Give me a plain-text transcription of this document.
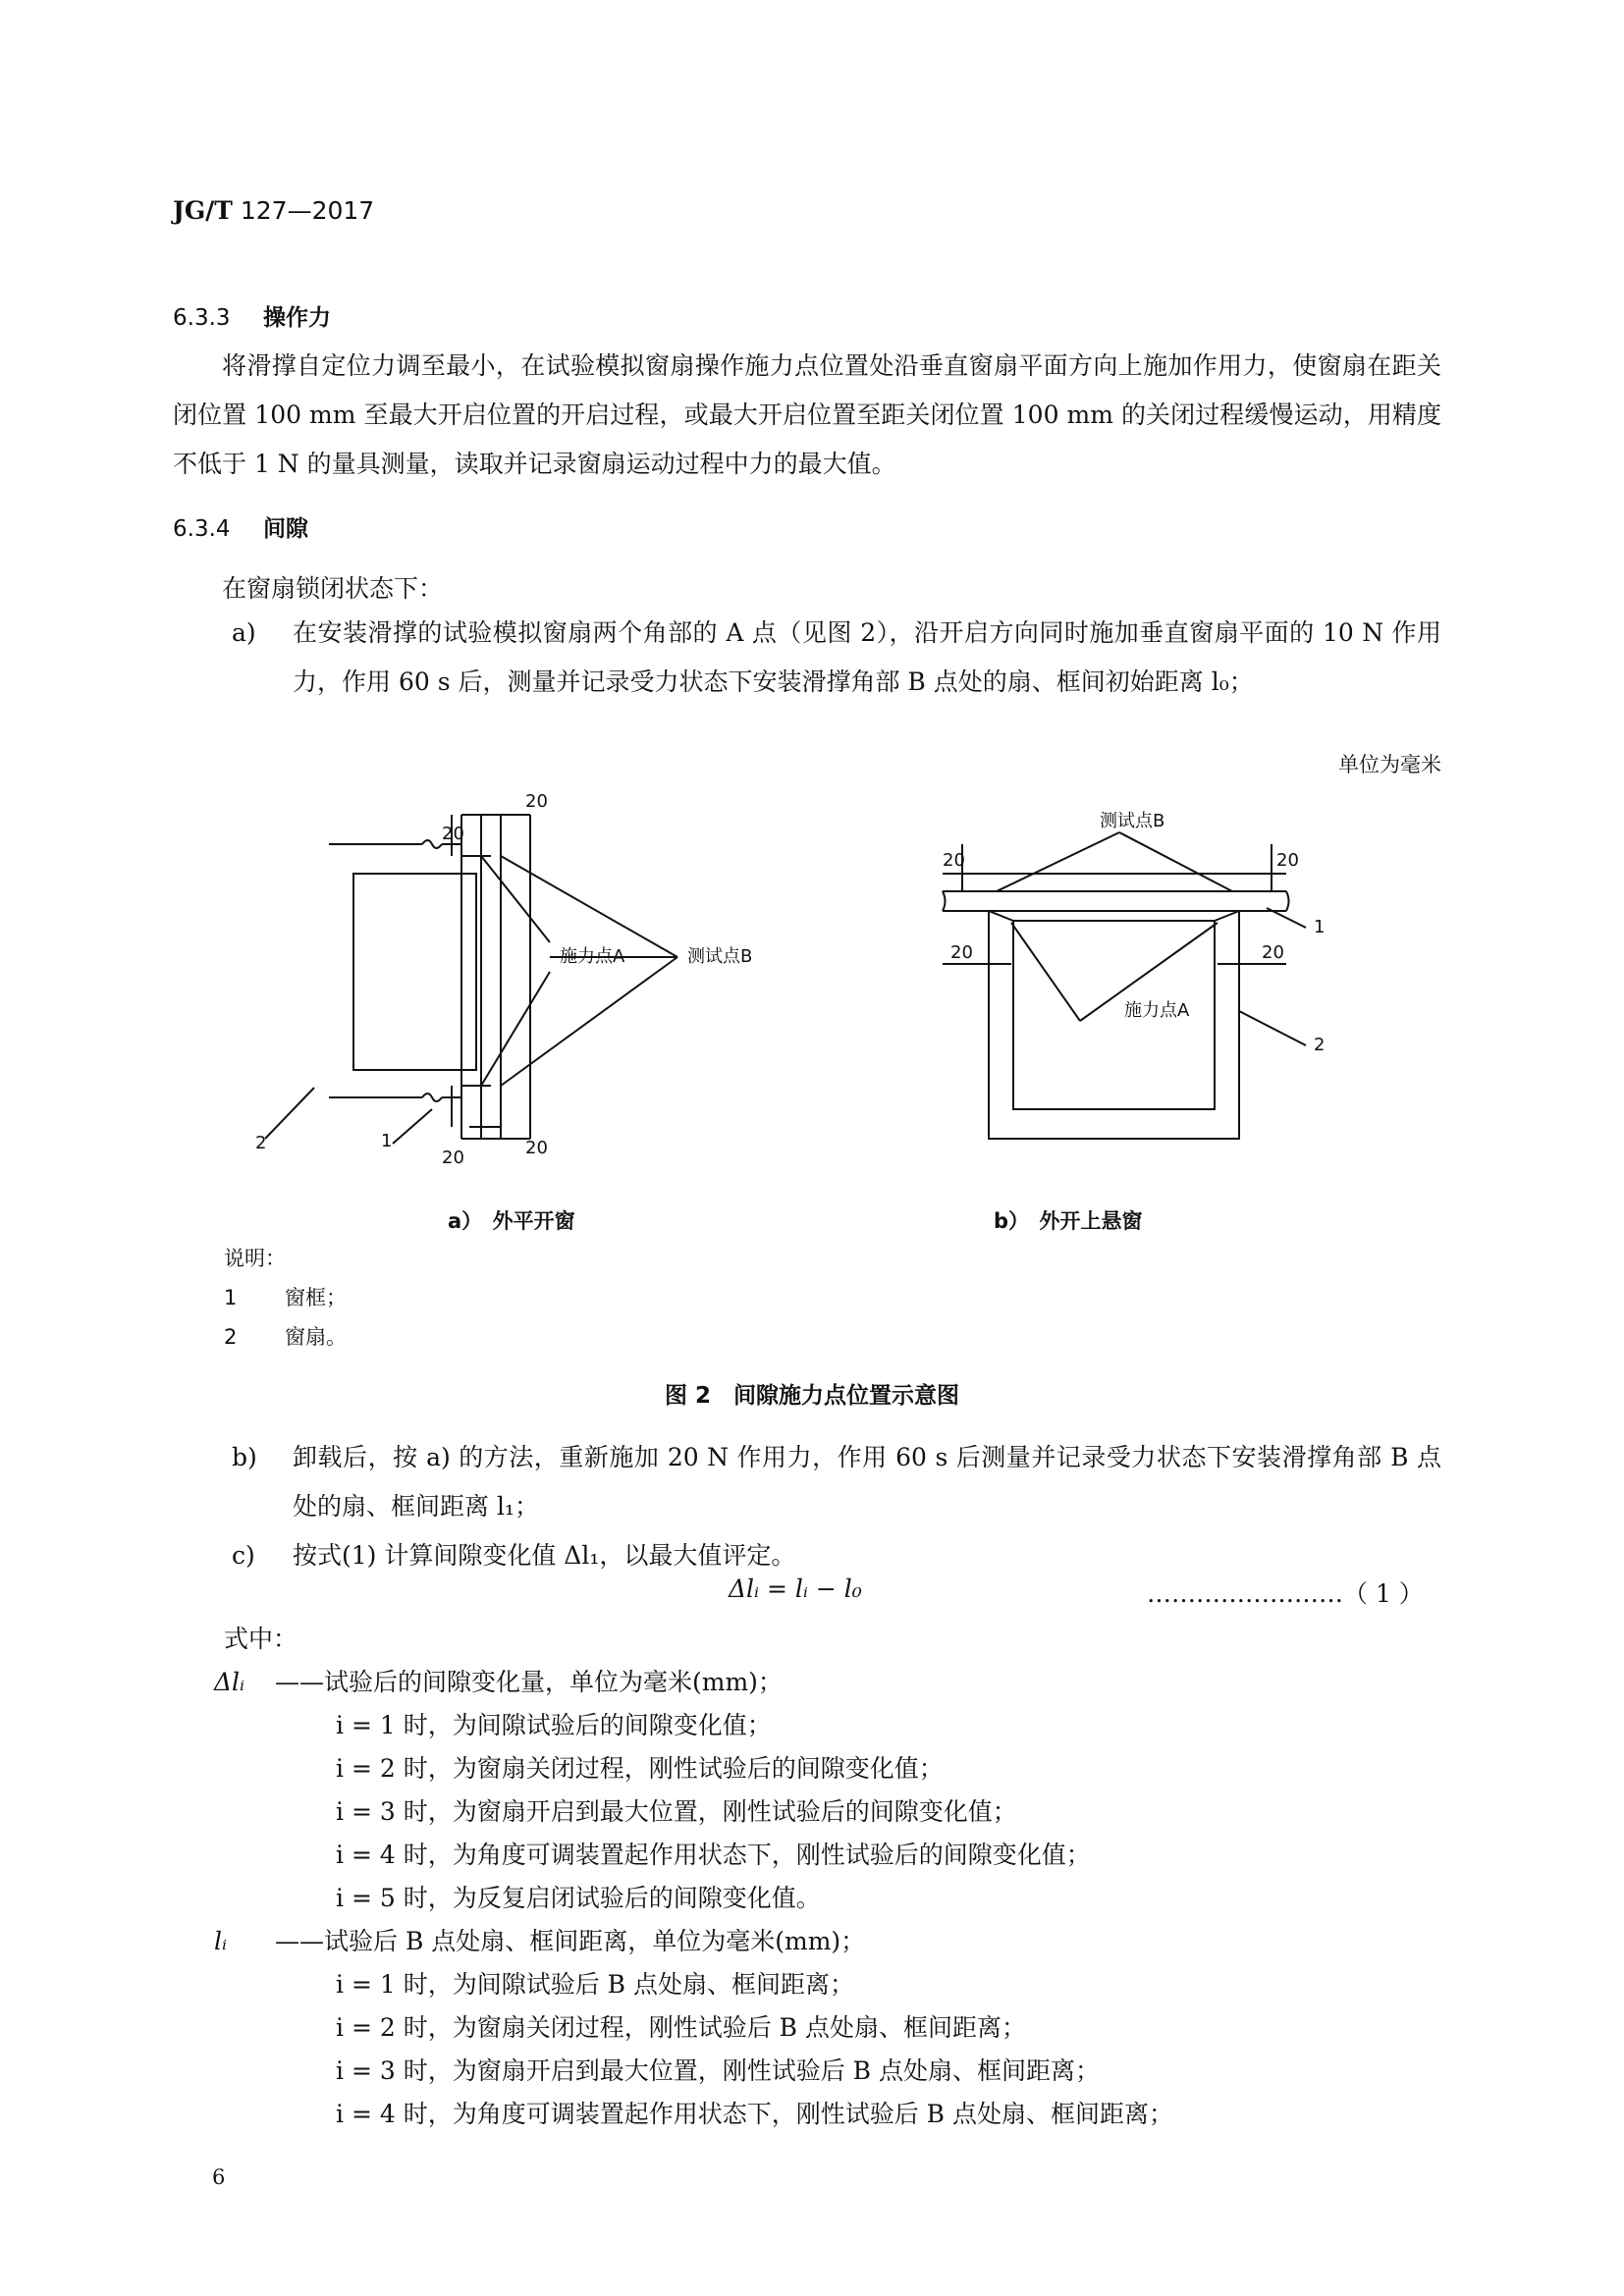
JG/T 127—2017
6.3.3 操作力
将滑撑自定位力调至最小，在试验模拟窗扇操作施力点位置处沿垂直窗扇平面方向上施加作用力，使窗扇在距关闭位置 100 mm 至最大开启位置的开启过程，或最大开启位置至距关闭位置 100 mm 的关闭过程缓慢运动，用精度不低于 1 N 的量具测量，读取并记录窗扇运动过程中力的最大值。
6.3.4 间隙
在窗扇锁闭状态下：
a) 在安装滑撑的试验模拟窗扇两个角部的 A 点（见图 2），沿开启方向同时施加垂直窗扇平面的 10 N 作用力，作用 60 s 后，测量并记录受力状态下安装滑撑角部 B 点处的扇、框间初始距离 l₀；
单位为毫米
20
20
20	20
施力点A	测试点B
2	1
20	20
20	20
测试点B
施力点A
1
2
a）　外平开窗	b）　外开上悬窗
说明：
1 窗框；
2 窗扇。
图 2　间隙施力点位置示意图
b) 卸载后，按 a) 的方法，重新施加 20 N 作用力，作用 60 s 后测量并记录受力状态下安装滑撑角部 B 点处的扇、框间距离 l₁；
c) 按式(1) 计算间隙变化值 Δl₁，以最大值评定。
Δlᵢ = lᵢ − l₀	……………………（ 1 ）
式中：
Δlᵢ ——试验后的间隙变化量，单位为毫米(mm)；
i = 1 时，为间隙试验后的间隙变化值；
i = 2 时，为窗扇关闭过程，刚性试验后的间隙变化值；
i = 3 时，为窗扇开启到最大位置，刚性试验后的间隙变化值；
i = 4 时，为角度可调装置起作用状态下，刚性试验后的间隙变化值；
i = 5 时，为反复启闭试验后的间隙变化值。
lᵢ ——试验后 B 点处扇、框间距离，单位为毫米(mm)；
i = 1 时，为间隙试验后 B 点处扇、框间距离；
i = 2 时，为窗扇关闭过程，刚性试验后 B 点处扇、框间距离；
i = 3 时，为窗扇开启到最大位置，刚性试验后 B 点处扇、框间距离；
i = 4 时，为角度可调装置起作用状态下，刚性试验后 B 点处扇、框间距离；
6
